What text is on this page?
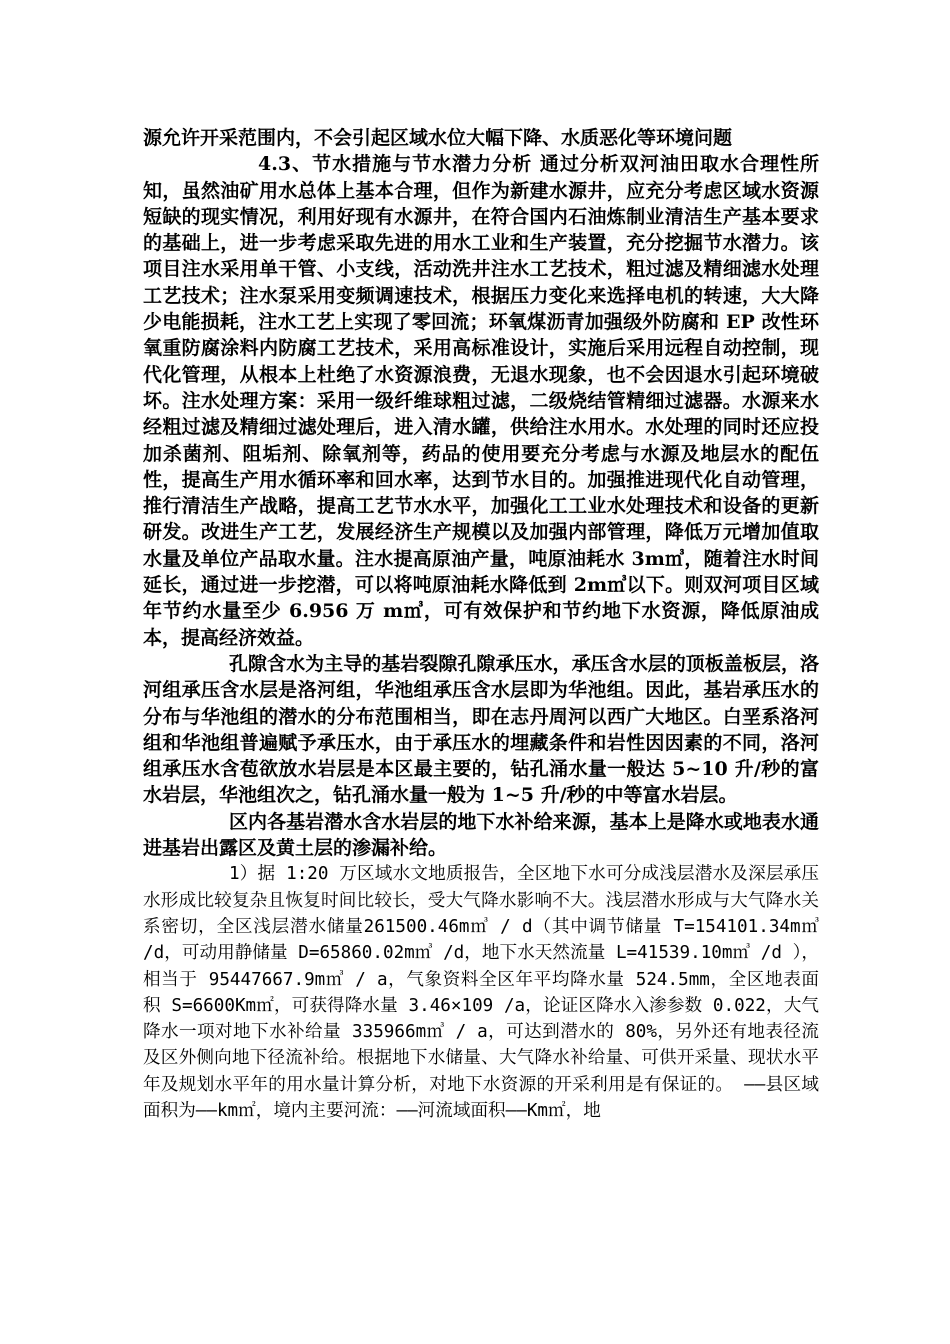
源允许开采范围内，不会引起区域水位大幅下降、水质恶化等环境问题

4.3、节水措施与节水潜力分析 通过分析双河油田取水合理性所知，虽然油矿用水总体上基本合理，但作为新建水源井，应充分考虑区域水资源短缺的现实情况，利用好现有水源井，在符合国内石油炼制业清洁生产基本要求的基础上，进一步考虑采取先进的用水工业和生产装置，充分挖掘节水潜力。该项目注水采用单干管、小支线，活动洗井注水工艺技术，粗过滤及精细滤水处理工艺技术；注水泵采用变频调速技术，根据压力变化来选择电机的转速，大大降少电能损耗，注水工艺上实现了零回流；环氧煤沥青加强级外防腐和 EP 改性环氧重防腐涂料内防腐工艺技术，采用高标准设计，实施后采用远程自动控制，现代化管理，从根本上杜绝了水资源浪费，无退水现象，也不会因退水引起环境破坏。注水处理方案：采用一级纤维球粗过滤，二级烧结管精细过滤器。水源来水经粗过滤及精细过滤处理后，进入清水罐，供给注水用水。水处理的同时还应投加杀菌剂、阻垢剂、除氧剂等，药品的使用要充分考虑与水源及地层水的配伍性，提高生产用水循环率和回水率，达到节水目的。加强推进现代化自动管理，推行清洁生产战略，提高工艺节水水平，加强化工工业水处理技术和设备的更新研发。改进生产工艺，发展经济生产规模以及加强内部管理，降低万元增加值取水量及单位产品取水量。注水提高原油产量，吨原油耗水 3m㎥，随着注水时间延长，通过进一步挖潜，可以将吨原油耗水降低到 2m㎥以下。则双河项目区域年节约水量至少 6.956 万 m㎥，可有效保护和节约地下水资源，降低原油成本，提高经济效益。

孔隙含水为主导的基岩裂隙孔隙承压水，承压含水层的顶板盖板层，洛河组承压含水层是洛河组，华池组承压含水层即为华池组。因此，基岩承压水的分布与华池组的潜水的分布范围相当，即在志丹周河以西广大地区。白垩系洛河组和华池组普遍赋予承压水，由于承压水的埋藏条件和岩性因因素的不同，洛河组承压水含苞欲放水岩层是本区最主要的，钻孔涌水量一般达 5~10 升/秒的富水岩层，华池组次之，钻孔涌水量一般为 1~5 升/秒的中等富水岩层。

区内各基岩潜水含水岩层的地下水补给来源，基本上是降水或地表水通进基岩出露区及黄土层的渗漏补给。

1）据 1:20 万区域水文地质报告，全区地下水可分成浅层潜水及深层承压水形成比较复杂且恢复时间比较长，受大气降水影响不大。浅层潜水形成与大气降水关系密切，全区浅层潜水储量261500.46m㎥ / d（其中调节储量 T=154101.34m㎥ /d，可动用静储量 D=65860.02m㎥ /d，地下水天然流量 L=41539.10m㎥ /d ），相当于 95447667.9m㎥ / a，气象资料全区年平均降水量 524.5mm，全区地表面积 S=6600Km㎡，可获得降水量 3.46×109 /a，论证区降水入渗参数 0.022，大气降水一项对地下水补给量 335966m㎥ / a，可达到潜水的 80%，另外还有地表径流及区外侧向地下径流补给。根据地下水储量、大气降水补给量、可供开采量、现状水平年及规划水平年的用水量计算分析，对地下水资源的开采利用是有保证的。 ——县区域面积为——km㎡，境内主要河流：——河流域面积——Km㎡，地
